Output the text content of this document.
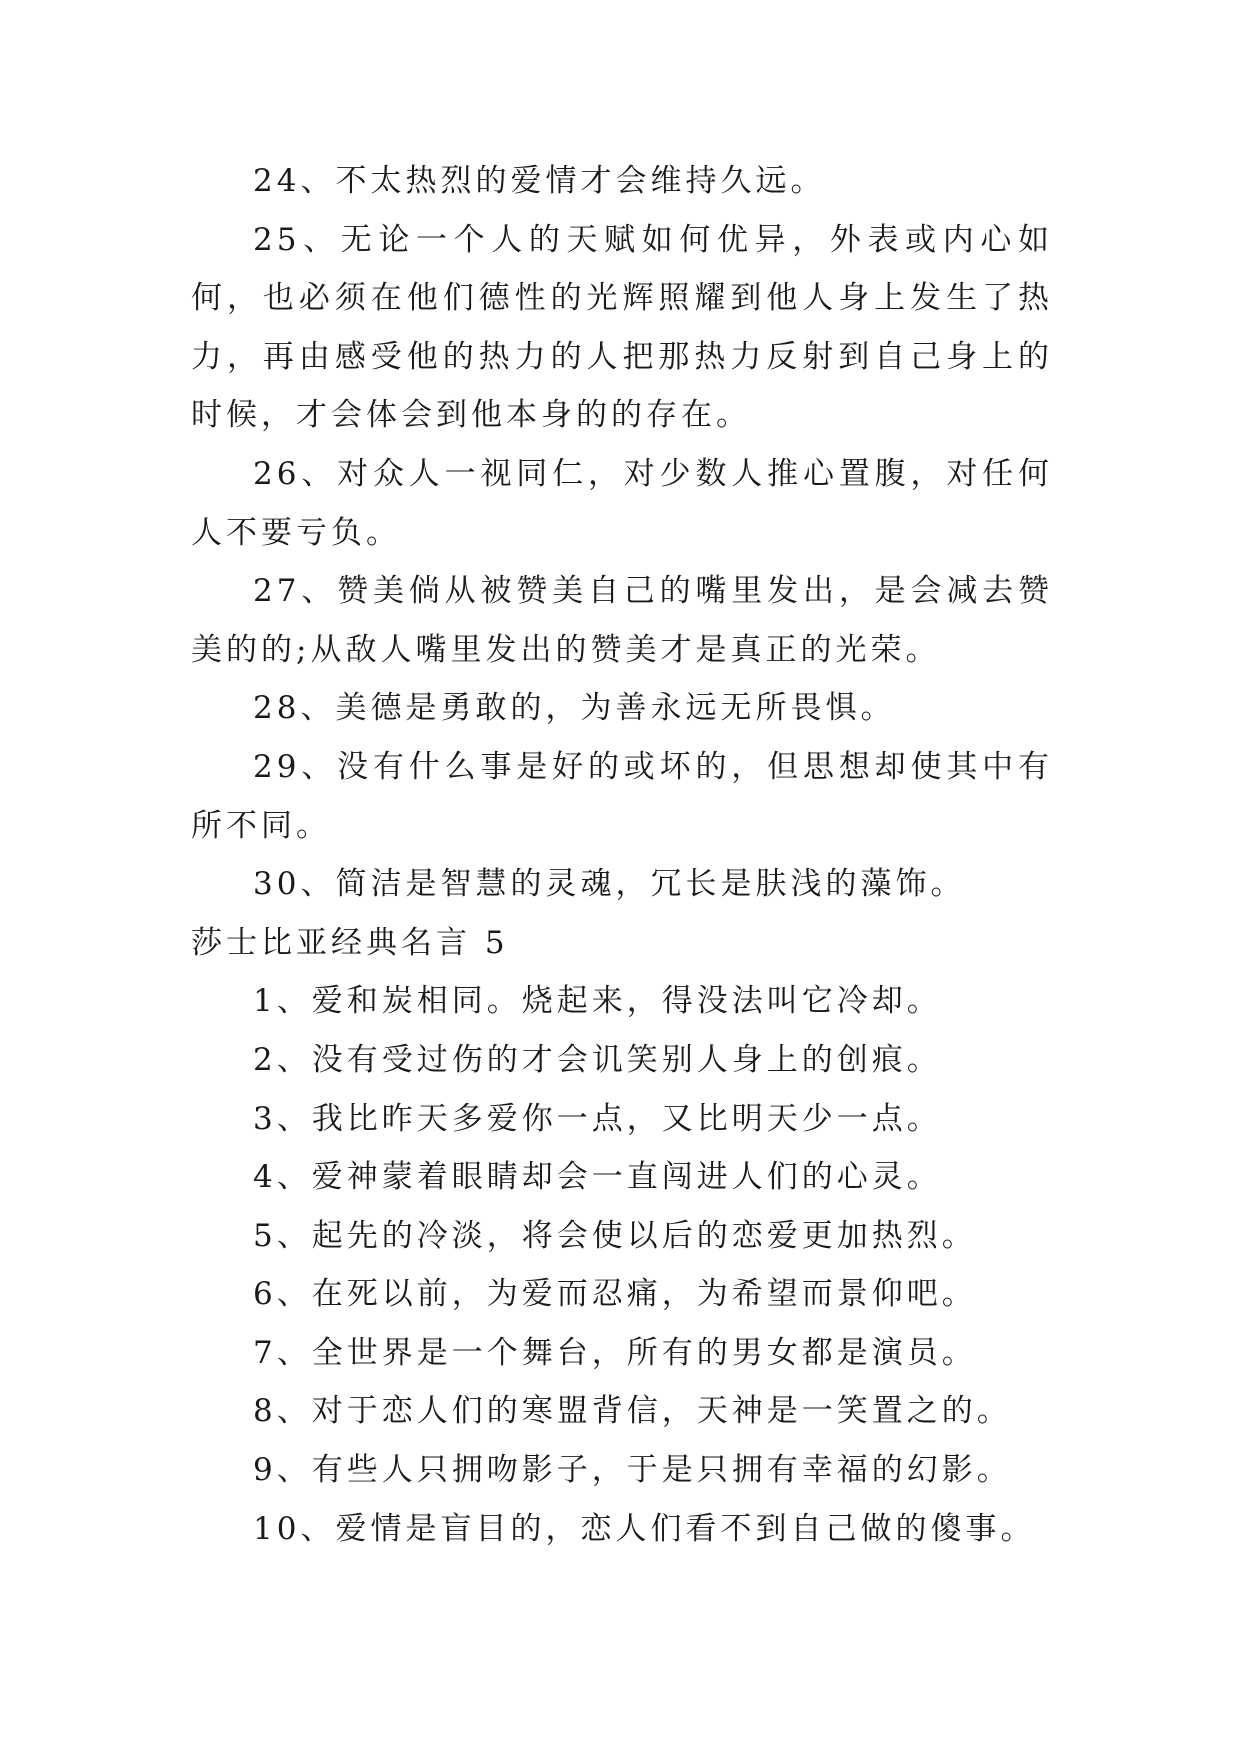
24、不太热烈的爱情才会维持久远。

25、无论一个人的天赋如何优异，外表或内心如何，也必须在他们德性的光辉照耀到他人身上发生了热力，再由感受他的热力的人把那热力反射到自己身上的时候，才会体会到他本身的的存在。

26、对众人一视同仁，对少数人推心置腹，对任何人不要亏负。

27、赞美倘从被赞美自己的嘴里发出，是会减去赞美的的;从敌人嘴里发出的赞美才是真正的光荣。

28、美德是勇敢的，为善永远无所畏惧。

29、没有什么事是好的或坏的，但思想却使其中有所不同。

30、简洁是智慧的灵魂，冗长是肤浅的藻饰。

莎士比亚经典名言 5

1、爱和炭相同。烧起来，得没法叫它冷却。

2、没有受过伤的才会讥笑别人身上的创痕。

3、我比昨天多爱你一点，又比明天少一点。

4、爱神蒙着眼睛却会一直闯进人们的心灵。

5、起先的冷淡，将会使以后的恋爱更加热烈。

6、在死以前，为爱而忍痛，为希望而景仰吧。

7、全世界是一个舞台，所有的男女都是演员。

8、对于恋人们的寒盟背信，天神是一笑置之的。

9、有些人只拥吻影子，于是只拥有幸福的幻影。

10、爱情是盲目的，恋人们看不到自己做的傻事。
